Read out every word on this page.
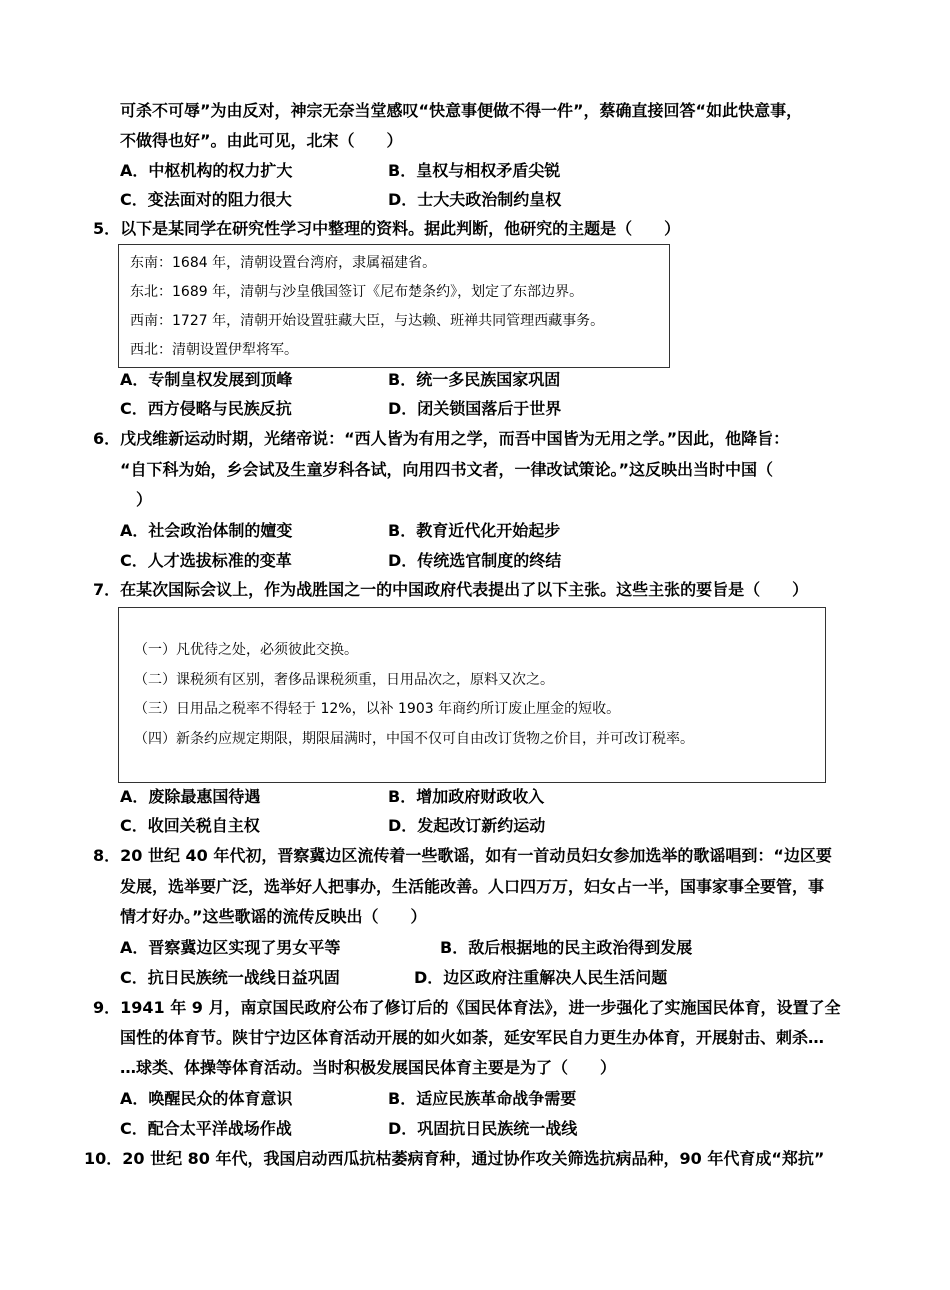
可杀不可辱”为由反对，神宗无奈当堂感叹“快意事便做不得一件”，蔡确直接回答“如此快意事，
不做得也好”。由此可见，北宋（　　）
A．中枢机构的权力扩大	B．皇权与相权矛盾尖锐
C．变法面对的阻力很大	D．士大夫政治制约皇权
5．以下是某同学在研究性学习中整理的资料。据此判断，他研究的主题是（　　）
东南：1684 年，清朝设置台湾府，隶属福建省。
东北：1689 年，清朝与沙皇俄国签订《尼布楚条约》，划定了东部边界。
西南：1727 年，清朝开始设置驻藏大臣，与达赖、班禅共同管理西藏事务。
西北：清朝设置伊犁将军。
A．专制皇权发展到顶峰	B．统一多民族国家巩固
C．西方侵略与民族反抗	D．闭关锁国落后于世界
6．戊戌维新运动时期，光绪帝说：“西人皆为有用之学，而吾中国皆为无用之学。”因此，他降旨：
“自下科为始，乡会试及生童岁科各试，向用四书文者，一律改试策论。”这反映出当时中国（
）
A．社会政治体制的嬗变	B．教育近代化开始起步
C．人才选拔标准的变革	D．传统选官制度的终结
7．在某次国际会议上，作为战胜国之一的中国政府代表提出了以下主张。这些主张的要旨是（　　）
（一）凡优待之处，必须彼此交换。
（二）课税须有区别，奢侈品课税须重，日用品次之，原料又次之。
（三）日用品之税率不得轻于 12%，以补 1903 年商约所订废止厘金的短收。
（四）新条约应规定期限，期限届满时，中国不仅可自由改订货物之价目，并可改订税率。
A．废除最惠国待遇	B．增加政府财政收入
C．收回关税自主权	D．发起改订新约运动
8．20 世纪 40 年代初，晋察冀边区流传着一些歌谣，如有一首动员妇女参加选举的歌谣唱到：“边区要
发展，选举要广泛，选举好人把事办，生活能改善。人口四万万，妇女占一半，国事家事全要管，事
情才好办。”这些歌谣的流传反映出（　　）
A．晋察冀边区实现了男女平等	B．敌后根据地的民主政治得到发展
C．抗日民族统一战线日益巩固	D．边区政府注重解决人民生活问题
9．1941 年 9 月，南京国民政府公布了修订后的《国民体育法》，进一步强化了实施国民体育，设置了全
国性的体育节。陕甘宁边区体育活动开展的如火如荼，延安军民自力更生办体育，开展射击、刺杀…
…球类、体操等体育活动。当时积极发展国民体育主要是为了（　　）
A．唤醒民众的体育意识	B．适应民族革命战争需要
C．配合太平洋战场作战	D．巩固抗日民族统一战线
10．20 世纪 80 年代，我国启动西瓜抗枯萎病育种，通过协作攻关筛选抗病品种，90 年代育成“郑抗”
